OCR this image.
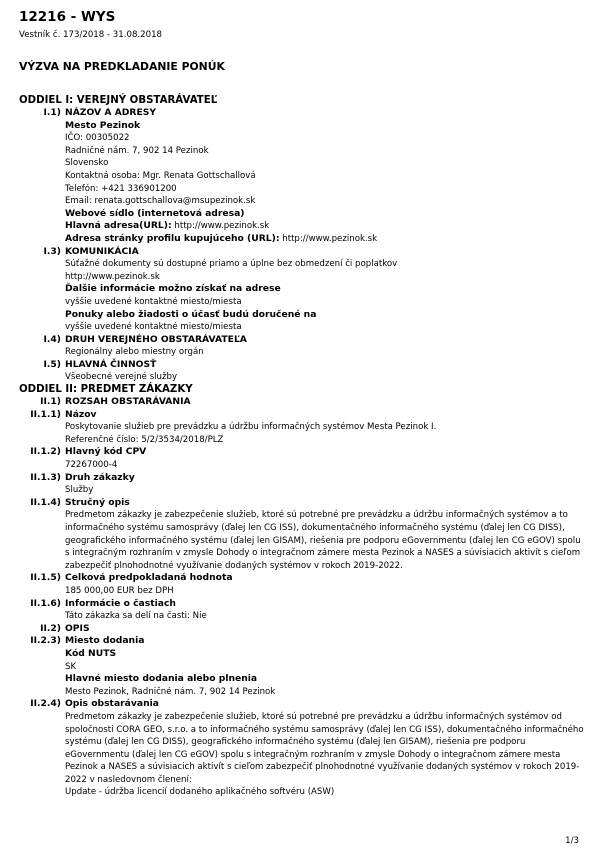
12216 - WYS
Vestník č. 173/2018 - 31.08.2018
VÝZVA NA PREDKLADANIE PONÚK
ODDIEL I: VEREJNÝ OBSTARÁVATEĽ
I.1) NÁZOV A ADRESY
Mesto Pezinok
IČO: 00305022
Radničné nám. 7, 902 14 Pezinok
Slovensko
Kontaktná osoba: Mgr. Renata Gottschallová
Telefón: +421 336901200
Email: renata.gottschallova@msupezinok.sk
Webové sídlo (internetová adresa)
Hlavná adresa(URL): http://www.pezinok.sk
Adresa stránky profilu kupujúceho (URL): http://www.pezinok.sk
I.3) KOMUNIKÁCIA
Súťažné dokumenty sú dostupné priamo a úplne bez obmedzení či poplatkov
http://www.pezinok.sk
Ďalšie informácie možno získať na adrese
vyššie uvedené kontaktné miesto/miesta
Ponuky alebo žiadosti o účasť budú doručené na
vyššie uvedené kontaktné miesto/miesta
I.4) DRUH VEREJNÉHO OBSTARÁVATEĽA
Regionálny alebo miestny orgán
I.5) HLAVNÁ ČINNOSŤ
Všeobecné verejné služby
ODDIEL II: PREDMET ZÁKAZKY
II.1) ROZSAH OBSTARÁVANIA
II.1.1) Názov
Poskytovanie služieb pre prevádzku a údržbu informačných systémov Mesta Pezinok I.
Referenčné číslo: 5/2/3534/2018/PLZ
II.1.2) Hlavný kód CPV
72267000-4
II.1.3) Druh zákazky
Služby
II.1.4) Stručný opis
Predmetom zákazky je zabezpečenie služieb, ktoré sú potrebné pre prevádzku a údržbu informačných systémov a to informačného systému samosprávy (ďalej len CG ISS), dokumentačného informačného systému (ďalej len CG DISS), geografického informačného systému (ďalej len GISAM), riešenia pre podporu eGovernmentu (ďalej len CG eGOV) spolu s integračným rozhraním v zmysle Dohody o integračnom zámere mesta Pezinok a NASES a súvisiacich aktivít s cieľom zabezpečiť plnohodnotné využívanie dodaných systémov v rokoch 2019-2022.
II.1.5) Celková predpokladaná hodnota
185 000,00 EUR bez DPH
II.1.6) Informácie o častiach
Táto zákazka sa delí na časti: Nie
II.2) OPIS
II.2.3) Miesto dodania
Kód NUTS
SK
Hlavné miesto dodania alebo plnenia
Mesto Pezinok, Radničné nám. 7, 902 14 Pezinok
II.2.4) Opis obstarávania
Predmetom zákazky je zabezpečenie služieb, ktoré sú potrebné pre prevádzku a údržbu informačných systémov od spoločnosti CORA GEO, s.r.o. a to informačného systému samosprávy (ďalej len CG ISS), dokumentačného informačného systému (ďalej len CG DISS), geografického informačného systému (ďalej len GISAM), riešenia pre podporu eGovernmentu (ďalej len CG eGOV) spolu s integračným rozhraním v zmysle Dohody o integračnom zámere mesta Pezinok a NASES a súvisiacich aktivít s cieľom zabezpečiť plnohodnotné využívanie dodaných systémov v rokoch 2019-2022 v nasledovnom členení:
Update - údržba licencií dodaného aplikačného softvéru (ASW)
1/3
